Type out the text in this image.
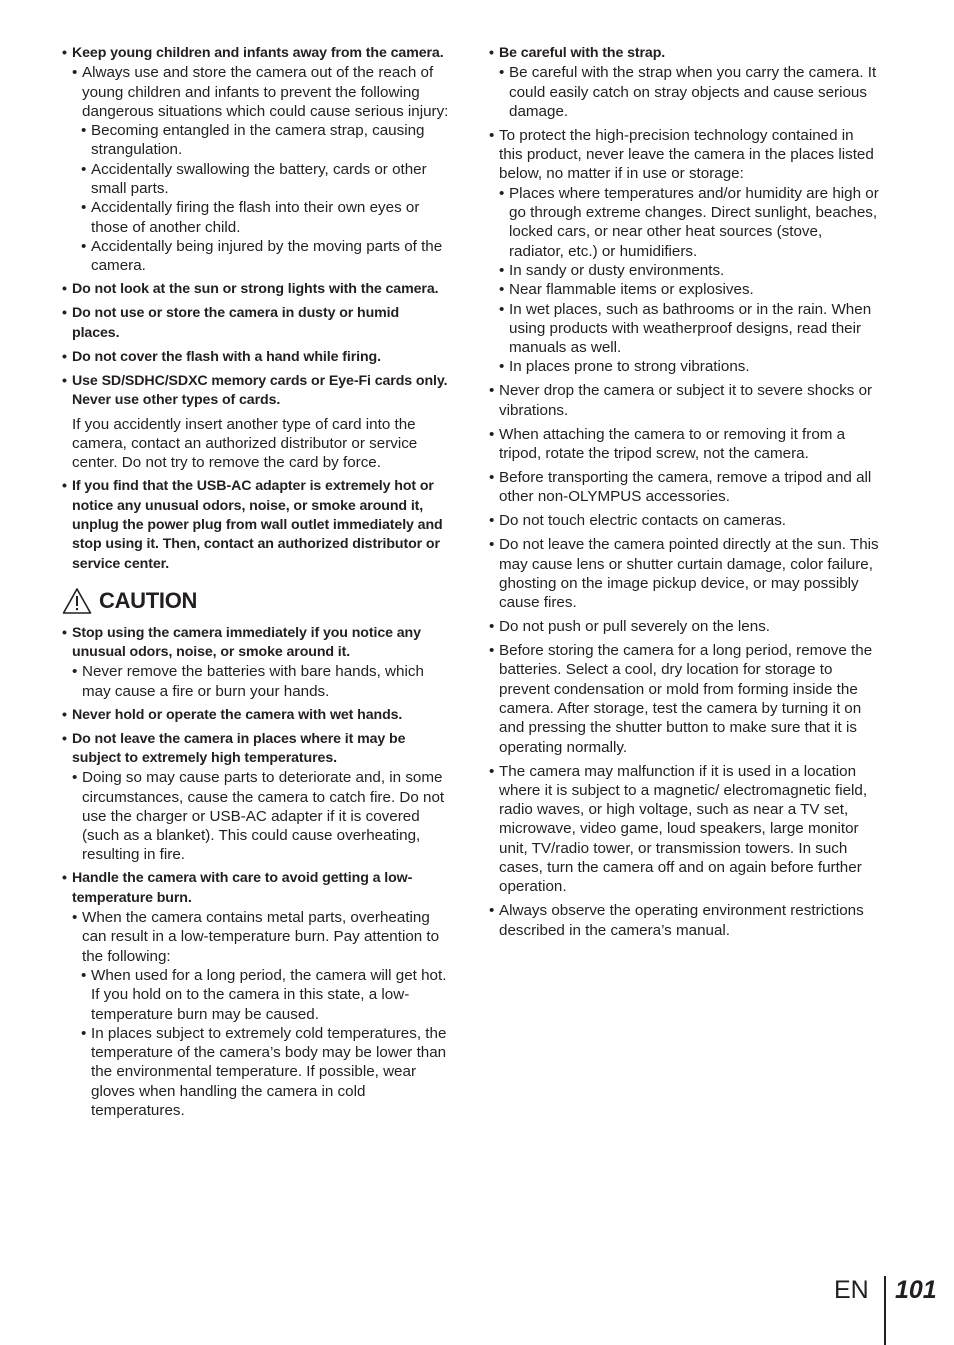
• Keep young children and infants away from the camera.
• Always use and store the camera out of the reach of young children and infants to prevent the following dangerous situations which could cause serious injury:
• Becoming entangled in the camera strap, causing strangulation.
• Accidentally swallowing the battery, cards or other small parts.
• Accidentally firing the flash into their own eyes or those of another child.
• Accidentally being injured by the moving parts of the camera.
• Do not look at the sun or strong lights with the camera.
• Do not use or store the camera in dusty or humid places.
• Do not cover the flash with a hand while firing.
• Use SD/SDHC/SDXC memory cards or Eye-Fi cards only. Never use other types of cards.
If you accidently insert another type of card into the camera, contact an authorized distributor or service center. Do not try to remove the card by force.
• If you find that the USB-AC adapter is extremely hot or notice any unusual odors, noise, or smoke around it, unplug the power plug from wall outlet immediately and stop using it. Then, contact an authorized distributor or service center.
CAUTION
• Stop using the camera immediately if you notice any unusual odors, noise, or smoke around it.
• Never remove the batteries with bare hands, which may cause a fire or burn your hands.
• Never hold or operate the camera with wet hands.
• Do not leave the camera in places where it may be subject to extremely high temperatures.
• Doing so may cause parts to deteriorate and, in some circumstances, cause the camera to catch fire. Do not use the charger or USB-AC adapter if it is covered (such as a blanket). This could cause overheating, resulting in fire.
• Handle the camera with care to avoid getting a low-temperature burn.
• When the camera contains metal parts, overheating can result in a low-temperature burn. Pay attention to the following:
• When used for a long period, the camera will get hot. If you hold on to the camera in this state, a low-temperature burn may be caused.
• In places subject to extremely cold temperatures, the temperature of the camera’s body may be lower than the environmental temperature. If possible, wear gloves when handling the camera in cold temperatures.
• Be careful with the strap.
• Be careful with the strap when you carry the camera. It could easily catch on stray objects and cause serious damage.
• To protect the high-precision technology contained in this product, never leave the camera in the places listed below, no matter if in use or storage:
• Places where temperatures and/or humidity are high or go through extreme changes. Direct sunlight, beaches, locked cars, or near other heat sources (stove, radiator, etc.) or humidifiers.
• In sandy or dusty environments.
• Near flammable items or explosives.
• In wet places, such as bathrooms or in the rain. When using products with weatherproof designs, read their manuals as well.
• In places prone to strong vibrations.
• Never drop the camera or subject it to severe shocks or vibrations.
• When attaching the camera to or removing it from a tripod, rotate the tripod screw, not the camera.
• Before transporting the camera, remove a tripod and all other non-OLYMPUS accessories.
• Do not touch electric contacts on cameras.
• Do not leave the camera pointed directly at the sun. This may cause lens or shutter curtain damage, color failure, ghosting on the image pickup device, or may possibly cause fires.
• Do not push or pull severely on the lens.
• Before storing the camera for a long period, remove the batteries. Select a cool, dry location for storage to prevent condensation or mold from forming inside the camera. After storage, test the camera by turning it on and pressing the shutter button to make sure that it is operating normally.
• The camera may malfunction if it is used in a location where it is subject to a magnetic/ electromagnetic field, radio waves, or high voltage, such as near a TV set, microwave, video game, loud speakers, large monitor unit, TV/radio tower, or transmission towers. In such cases, turn the camera off and on again before further operation.
• Always observe the operating environment restrictions described in the camera’s manual.
EN 101
